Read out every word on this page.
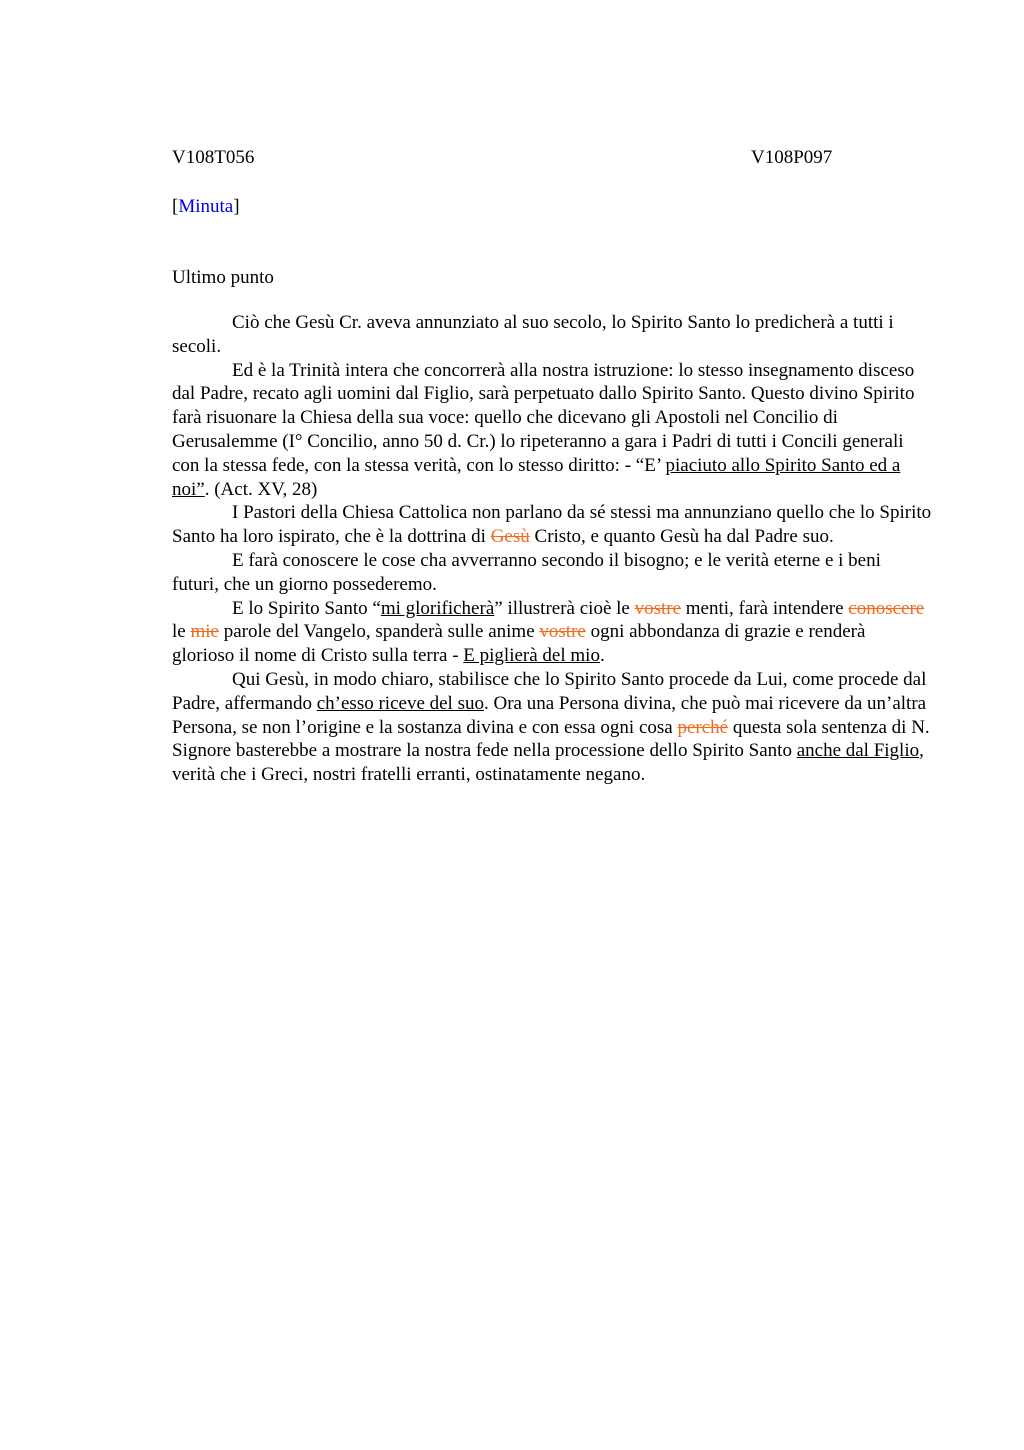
V108T056	V108P097
[Minuta]
Ultimo punto

Ciò che Gesù Cr. aveva annunziato al suo secolo, lo Spirito Santo lo predicherà a tutti i secoli.

Ed è la Trinità intera che concorrerà alla nostra istruzione: lo stesso insegnamento disceso dal Padre, recato agli uomini dal Figlio, sarà perpetuato dallo Spirito Santo. Questo divino Spirito farà risuonare la Chiesa della sua voce: quello che dicevano gli Apostoli nel Concilio di Gerusalemme (I° Concilio, anno 50 d. Cr.) lo ripeteranno a gara i Padri di tutti i Concili generali con la stessa fede, con la stessa verità, con lo stesso diritto: - “E’ piaciuto allo Spirito Santo ed a noi”. (Act. XV, 28)

I Pastori della Chiesa Cattolica non parlano da sé stessi ma annunziano quello che lo Spirito Santo ha loro ispirato, che è la dottrina di Gesù Cristo, e quanto Gesù ha dal Padre suo.

E farà conoscere le cose cha avverranno secondo il bisogno; e le verità eterne e i beni futuri, che un giorno possederemo.

E lo Spirito Santo “mi glorificherà” illustrerà cioè le vostre menti, farà intendere conoscere le mie parole del Vangelo, spanderà sulle anime vostre ogni abbondanza di grazie e renderà glorioso il nome di Cristo sulla terra - E piglierà del mio.

Qui Gesù, in modo chiaro, stabilisce che lo Spirito Santo procede da Lui, come procede dal Padre, affermando ch’esso riceve del suo. Ora una Persona divina, che può mai ricevere da un’altra Persona, se non l’origine e la sostanza divina e con essa ogni cosa perché questa sola sentenza di N. Signore basterebbe a mostrare la nostra fede nella processione dello Spirito Santo anche dal Figlio, verità che i Greci, nostri fratelli erranti, ostinatamente negano.
